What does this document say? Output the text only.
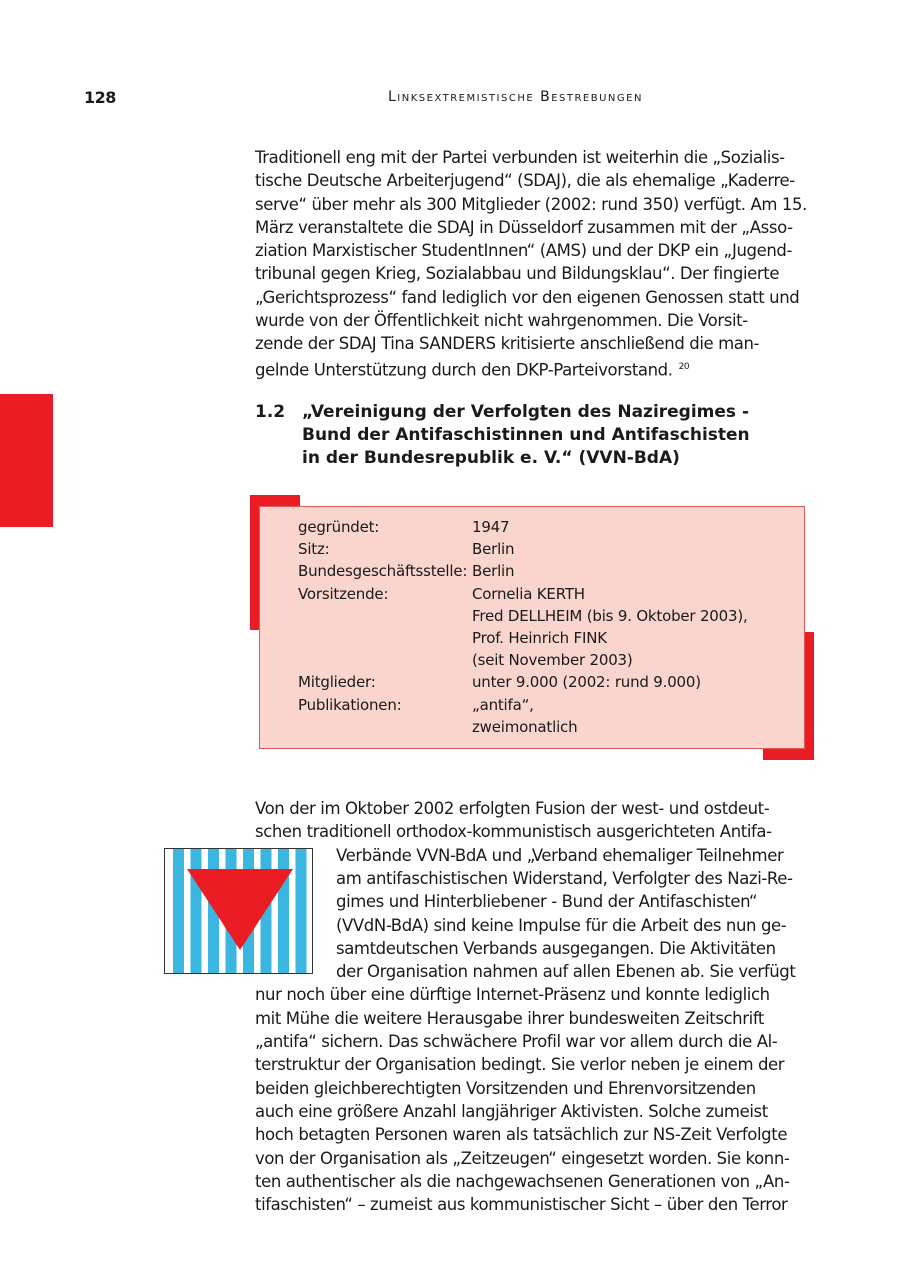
128	Linksextremistische Bestrebungen

Traditionell eng mit der Partei verbunden ist weiterhin die „Sozialis-
tische Deutsche Arbeiterjugend“ (SDAJ), die als ehemalige „Kaderre-
serve“ über mehr als 300 Mitglieder (2002: rund 350) verfügt. Am 15.
März veranstaltete die SDAJ in Düsseldorf zusammen mit der „Asso-
ziation Marxistischer StudentInnen“ (AMS) und der DKP ein „Jugend-
tribunal gegen Krieg, Sozialabbau und Bildungsklau“. Der fingierte
„Gerichtsprozess“ fand lediglich vor den eigenen Genossen statt und
wurde von der Öffentlichkeit nicht wahrgenommen. Die Vorsit-
zende der SDAJ Tina SANDERS kritisierte anschließend die man-
gelnde Unterstützung durch den DKP-Parteivorstand. $^{20}$

1.2 „Vereinigung der Verfolgten des Naziregimes -
Bund der Antifaschistinnen und Antifaschisten
in der Bundesrepublik e. V.“ (VVN-BdA)
gegründet:	1947
Sitz:	Berlin
Bundesgeschäftsstelle: Berlin
Vorsitzende:	Cornelia KERTH
Fred DELLHEIM (bis 9. Oktober 2003),
Prof. Heinrich FINK
(seit November 2003)
Mitglieder:	unter 9.000 (2002: rund 9.000)
Publikationen:	„antifa“,
zweimonatlich
Von der im Oktober 2002 erfolgten Fusion der west- und ostdeut-
schen traditionell orthodox-kommunistisch ausgerichteten Antifa-
Verbände VVN-BdA und „Verband ehemaliger Teilnehmer
am antifaschistischen Widerstand, Verfolgter des Nazi-Re-
gimes und Hinterbliebener - Bund der Antifaschisten“
(VVdN-BdA) sind keine Impulse für die Arbeit des nun ge-
samtdeutschen Verbands ausgegangen. Die Aktivitäten
der Organisation nahmen auf allen Ebenen ab. Sie verfügt
nur noch über eine dürftige Internet-Präsenz und konnte lediglich
mit Mühe die weitere Herausgabe ihrer bundesweiten Zeitschrift
„antifa“ sichern. Das schwächere Profil war vor allem durch die Al-
terstruktur der Organisation bedingt. Sie verlor neben je einem der
beiden gleichberechtigten Vorsitzenden und Ehrenvorsitzenden
auch eine größere Anzahl langjähriger Aktivisten. Solche zumeist
hoch betagten Personen waren als tatsächlich zur NS-Zeit Verfolgte
von der Organisation als „Zeitzeugen“ eingesetzt worden. Sie konn-
ten authentischer als die nachgewachsenen Generationen von „An-
tifaschisten“ – zumeist aus kommunistischer Sicht – über den Terror
